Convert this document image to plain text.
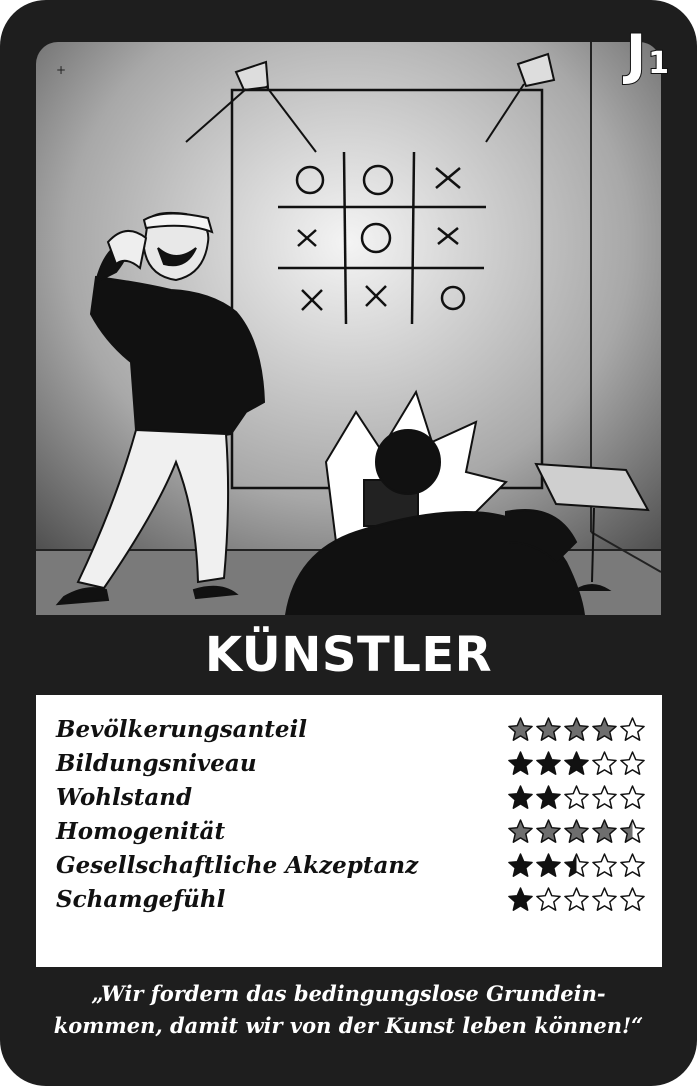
+	J1
KÜNSTLER
Bevölkerungsanteil
Bildungsniveau
Wohlstand
Homogenität
Gesellschaftliche Akzeptanz
Schamgefühl
„Wir fordern das bedingungslose Grundein-
kommen, damit wir von der Kunst leben können!“
